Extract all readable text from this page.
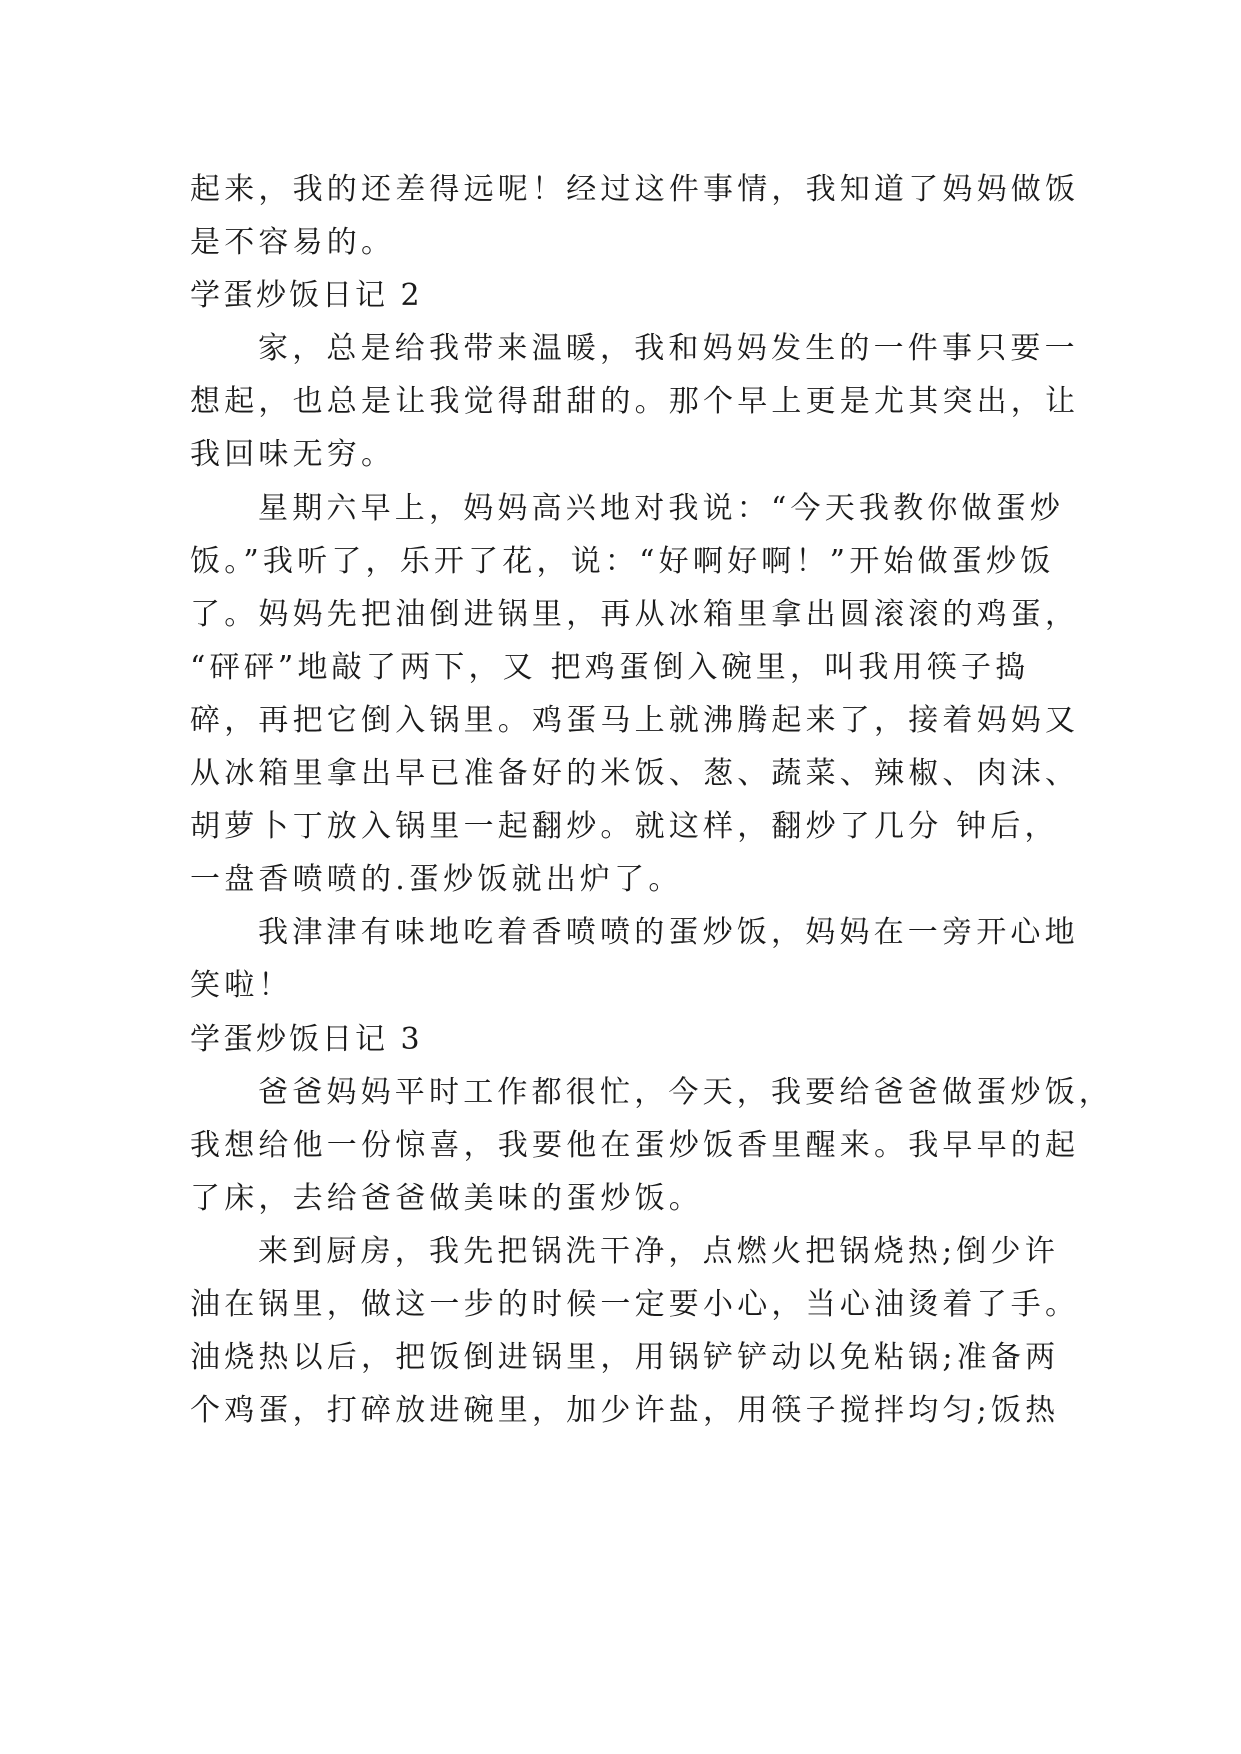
起来，我的还差得远呢！经过这件事情，我知道了妈妈做饭
是不容易的。
学蛋炒饭日记 2
家，总是给我带来温暖，我和妈妈发生的一件事只要一
想起，也总是让我觉得甜甜的。那个早上更是尤其突出，让
我回味无穷。
星期六早上，妈妈高兴地对我说：“今天我教你做蛋炒
饭。”我听了，乐开了花，说：“好啊好啊！”开始做蛋炒饭
了。妈妈先把油倒进锅里，再从冰箱里拿出圆滚滚的鸡蛋，
“砰砰”地敲了两下，又 把鸡蛋倒入碗里，叫我用筷子捣
碎，再把它倒入锅里。鸡蛋马上就沸腾起来了，接着妈妈又
从冰箱里拿出早已准备好的米饭、葱、蔬菜、辣椒、肉沫、
胡萝卜丁放入锅里一起翻炒。就这样，翻炒了几分 钟后，
一盘香喷喷的.蛋炒饭就出炉了。
我津津有味地吃着香喷喷的蛋炒饭，妈妈在一旁开心地
笑啦！
学蛋炒饭日记 3
爸爸妈妈平时工作都很忙，今天，我要给爸爸做蛋炒饭，
我想给他一份惊喜，我要他在蛋炒饭香里醒来。我早早的起
了床，去给爸爸做美味的蛋炒饭。
来到厨房，我先把锅洗干净，点燃火把锅烧热;倒少许
油在锅里，做这一步的时候一定要小心，当心油烫着了手。
油烧热以后，把饭倒进锅里，用锅铲铲动以免粘锅;准备两
个鸡蛋，打碎放进碗里，加少许盐，用筷子搅拌均匀;饭热
